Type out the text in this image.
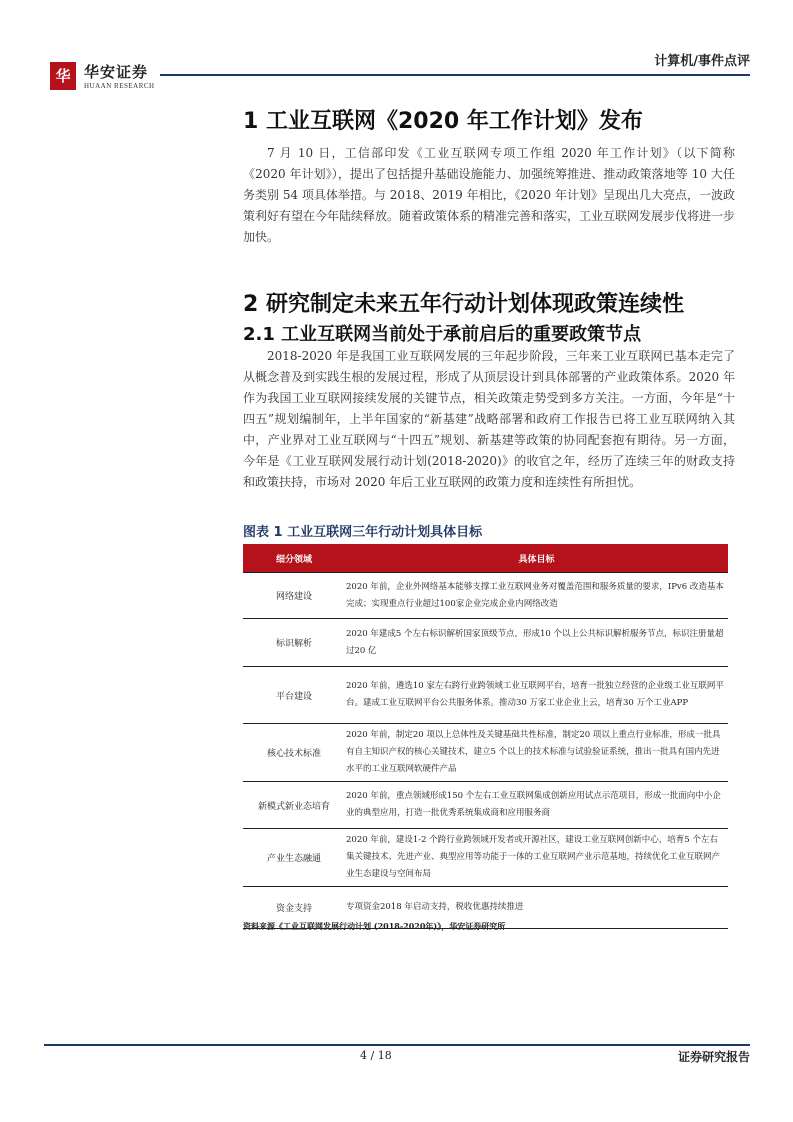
华 华安证券
HUAAN RESEARCH
计算机/事件点评
1 工业互联网《2020 年工作计划》发布
7 月 10 日，工信部印发《工业互联网专项工作组 2020 年工作计划》（以下简称《2020 年计划》），提出了包括提升基础设施能力、加强统筹推进、推动政策落地等 10 大任务类别 54 项具体举措。与 2018、2019 年相比，《2020 年计划》呈现出几大亮点，一波政策利好有望在今年陆续释放。随着政策体系的精准完善和落实，工业互联网发展步伐将进一步加快。
2 研究制定未来五年行动计划体现政策连续性
2.1 工业互联网当前处于承前启后的重要政策节点
2018-2020 年是我国工业互联网发展的三年起步阶段，三年来工业互联网已基本走完了从概念普及到实践生根的发展过程，形成了从顶层设计到具体部署的产业政策体系。2020 年作为我国工业互联网接续发展的关键节点，相关政策走势受到多方关注。一方面，今年是“十四五”规划编制年，上半年国家的“新基建”战略部署和政府工作报告已将工业互联网纳入其中，产业界对工业互联网与“十四五”规划、新基建等政策的协同配套抱有期待。另一方面，今年是《工业互联网发展行动计划(2018-2020)》的收官之年，经历了连续三年的财政支持和政策扶持，市场对 2020 年后工业互联网的政策力度和连续性有所担忧。
图表 1 工业互联网三年行动计划具体目标
细分领域	具体目标
网络建设	2020 年前，企业外网络基本能够支撑工业互联网业务对覆盖范围和服务质量的要求，IPv6 改造基本完成；实现重点行业超过100家企业完成企业内网络改造
标识解析	2020 年建成5 个左右标识解析国家顶级节点，形成10 个以上公共标识解析服务节点，标识注册量超过20 亿
平台建设	2020 年前，遴选10 家左右跨行业跨领域工业互联网平台，培育一批独立经营的企业级工业互联网平台。建成工业互联网平台公共服务体系。推动30 万家工业企业上云，培育30 万个工业APP
核心技术标准	2020 年前，制定20 项以上总体性及关键基础共性标准，制定20 项以上重点行业标准，形成一批具有自主知识产权的核心关键技术，建立5 个以上的技术标准与试验验证系统，推出一批具有国内先进水平的工业互联网软硬件产品
新模式新业态培育	2020 年前，重点领域形成150 个左右工业互联网集成创新应用试点示范项目，形成一批面向中小企业的典型应用，打造一批优秀系统集成商和应用服务商
产业生态融通	2020 年前，建设1-2 个跨行业跨领域开发者或开源社区，建设工业互联网创新中心，培育5 个左右集关键技术、先进产业、典型应用等功能于一体的工业互联网产业示范基地，持续优化工业互联网产业生态建设与空间布局
资金支持	专项资金2018 年启动支持，税收优惠持续推进
资料来源《工业互联网发展行动计划 (2018-2020年)》，华安证券研究所
4 / 18	证券研究报告
